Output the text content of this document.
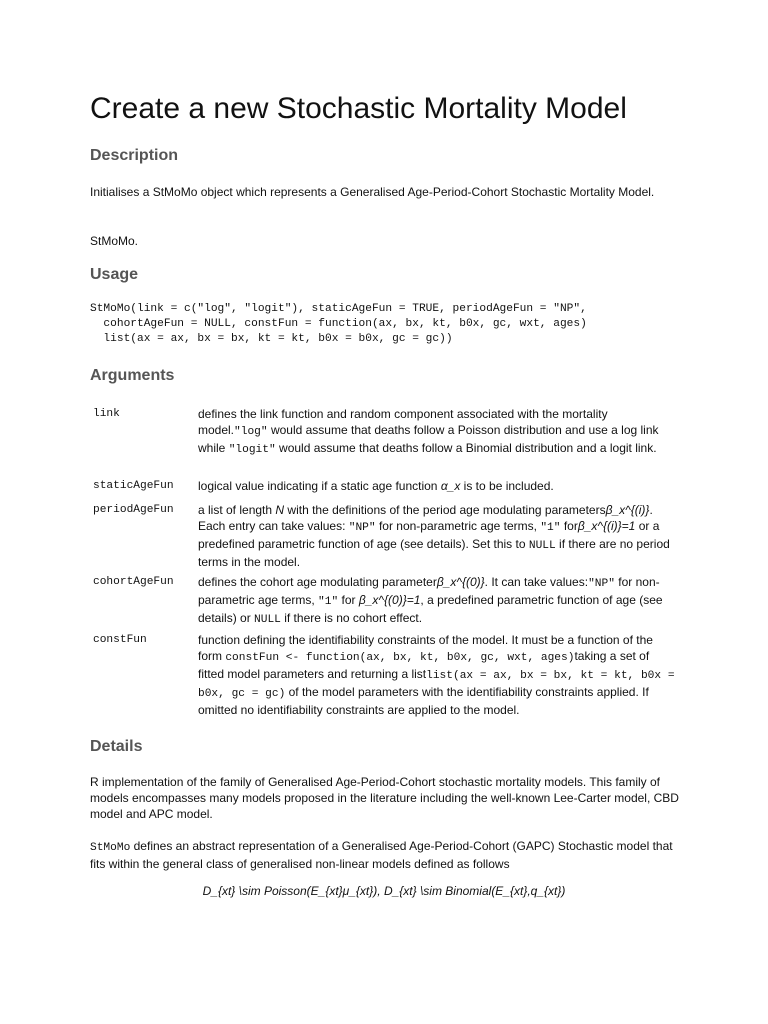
Create a new Stochastic Mortality Model
Description

Initialises a StMoMo object which represents a Generalised Age-Period-Cohort Stochastic Mortality Model.

StMoMo.

Usage
StMoMo(link = c("log", "logit"), staticAgeFun = TRUE, periodAgeFun = "NP",
cohortAgeFun = NULL, constFun = function(ax, bx, kt, b0x, gc, wxt, ages)
list(ax = ax, bx = bx, kt = kt, b0x = b0x, gc = gc))
Arguments
link	defines the link function and random component associated with the mortality model."log" would assume that deaths follow a Poisson distribution and use a log link while "logit" would assume that deaths follow a Binomial distribution and a logit link.
staticAgeFun logical value indicating if a static age function α_x is to be included.
periodAgeFun a list of length N with the definitions of the period age modulating parametersβ_x^{(i)}. Each entry can take values: "NP" for non-parametric age terms, "1" forβ_x^{(i)}=1 or a predefined parametric function of age (see details). Set this to NULL if there are no period terms in the model.
cohortAgeFun defines the cohort age modulating parameterβ_x^{(0)}. It can take values:"NP" for non-parametric age terms, "1" for β_x^{(0)}=1, a predefined parametric function of age (see details) or NULL if there is no cohort effect.
constFun	function defining the identifiability constraints of the model. It must be a function of the form constFun <- function(ax, bx, kt, b0x, gc, wxt, ages)taking a set of fitted model parameters and returning a listlist(ax = ax, bx = bx, kt = kt, b0x = b0x, gc = gc) of the model parameters with the identifiability constraints applied. If omitted no identifiability constraints are applied to the model.
Details

R implementation of the family of Generalised Age-Period-Cohort stochastic mortality models. This family of models encompasses many models proposed in the literature including the well-known Lee-Carter model, CBD model and APC model.

StMoMo defines an abstract representation of a Generalised Age-Period-Cohort (GAPC) Stochastic model that fits within the general class of generalised non-linear models defined as follows

D_{xt} \sim Poisson(E_{xt}μ_{xt}), D_{xt} \sim Binomial(E_{xt},q_{xt})
